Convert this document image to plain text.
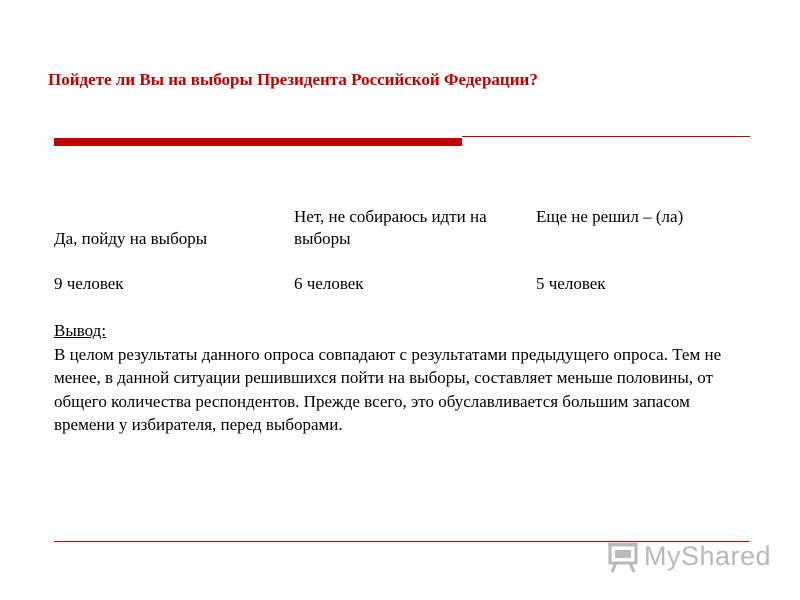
Пойдете ли Вы на выборы Президента Российской Федерации?
Да, пойду на выборы
Нет, не собираюсь идти на выборы
Еще не решил – (ла)
9 человек	6 человек	5 человек
Вывод:
В целом результаты данного опроса совпадают с результатами предыдущего опроса. Тем не менее, в данной ситуации решившихся пойти на выборы, составляет меньше половины, от общего количества респондентов. Прежде всего, это обуславливается большим запасом времени у избирателя, перед выборами.
MyShared
